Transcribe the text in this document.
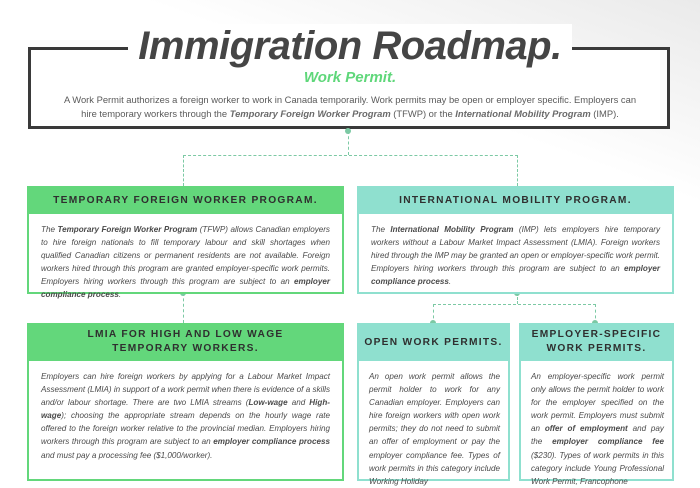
Immigration Roadmap.
Work Permit.
A Work Permit authorizes a foreign worker to work in Canada temporarily. Work permits may be open or employer specific. Employers can hire temporary workers through the Temporary Foreign Worker Program (TFWP) or the International Mobility Program (IMP).
TEMPORARY FOREIGN WORKER PROGRAM.
The Temporary Foreign Worker Program (TFWP) allows Canadian employers to hire foreign nationals to fill temporary labour and skill shortages when qualified Canadian citizens or permanent residents are not available. Foreign workers hired through this program are granted employer-specific work permits. Employers hiring workers through this program are subject to an employer compliance process.
INTERNATIONAL MOBILITY PROGRAM.
The International Mobility Program (IMP) lets employers hire temporary workers without a Labour Market Impact Assessment (LMIA). Foreign workers hired through the IMP may be granted an open or employer-specific work permit. Employers hiring workers through this program are subject to an employer compliance process.
LMIA FOR HIGH AND LOW WAGE
TEMPORARY WORKERS.
Employers can hire foreign workers by applying for a Labour Market Impact Assessment (LMIA) in support of a work permit when there is evidence of a skills and/or labour shortage. There are two LMIA streams (Low-wage and High-wage); choosing the appropriate stream depends on the hourly wage rate offered to the foreign worker relative to the provincial median. Employers hiring workers through this program are subject to an employer compliance process and must pay a processing fee ($1,000/worker).
OPEN WORK PERMITS.
An open work permit allows the permit holder to work for any Canadian employer. Employers can hire foreign workers with open work permits; they do not need to submit an offer of employment or pay the employer compliance fee. Types of work permits in this category include Working Holiday
EMPLOYER-SPECIFIC
WORK PERMITS.
An employer-specific work permit only allows the permit holder to work for the employer specified on the work permit. Employers must submit an offer of employment and pay the employer compliance fee ($230). Types of work permits in this category include Young Professional Work Permit, Francophone
